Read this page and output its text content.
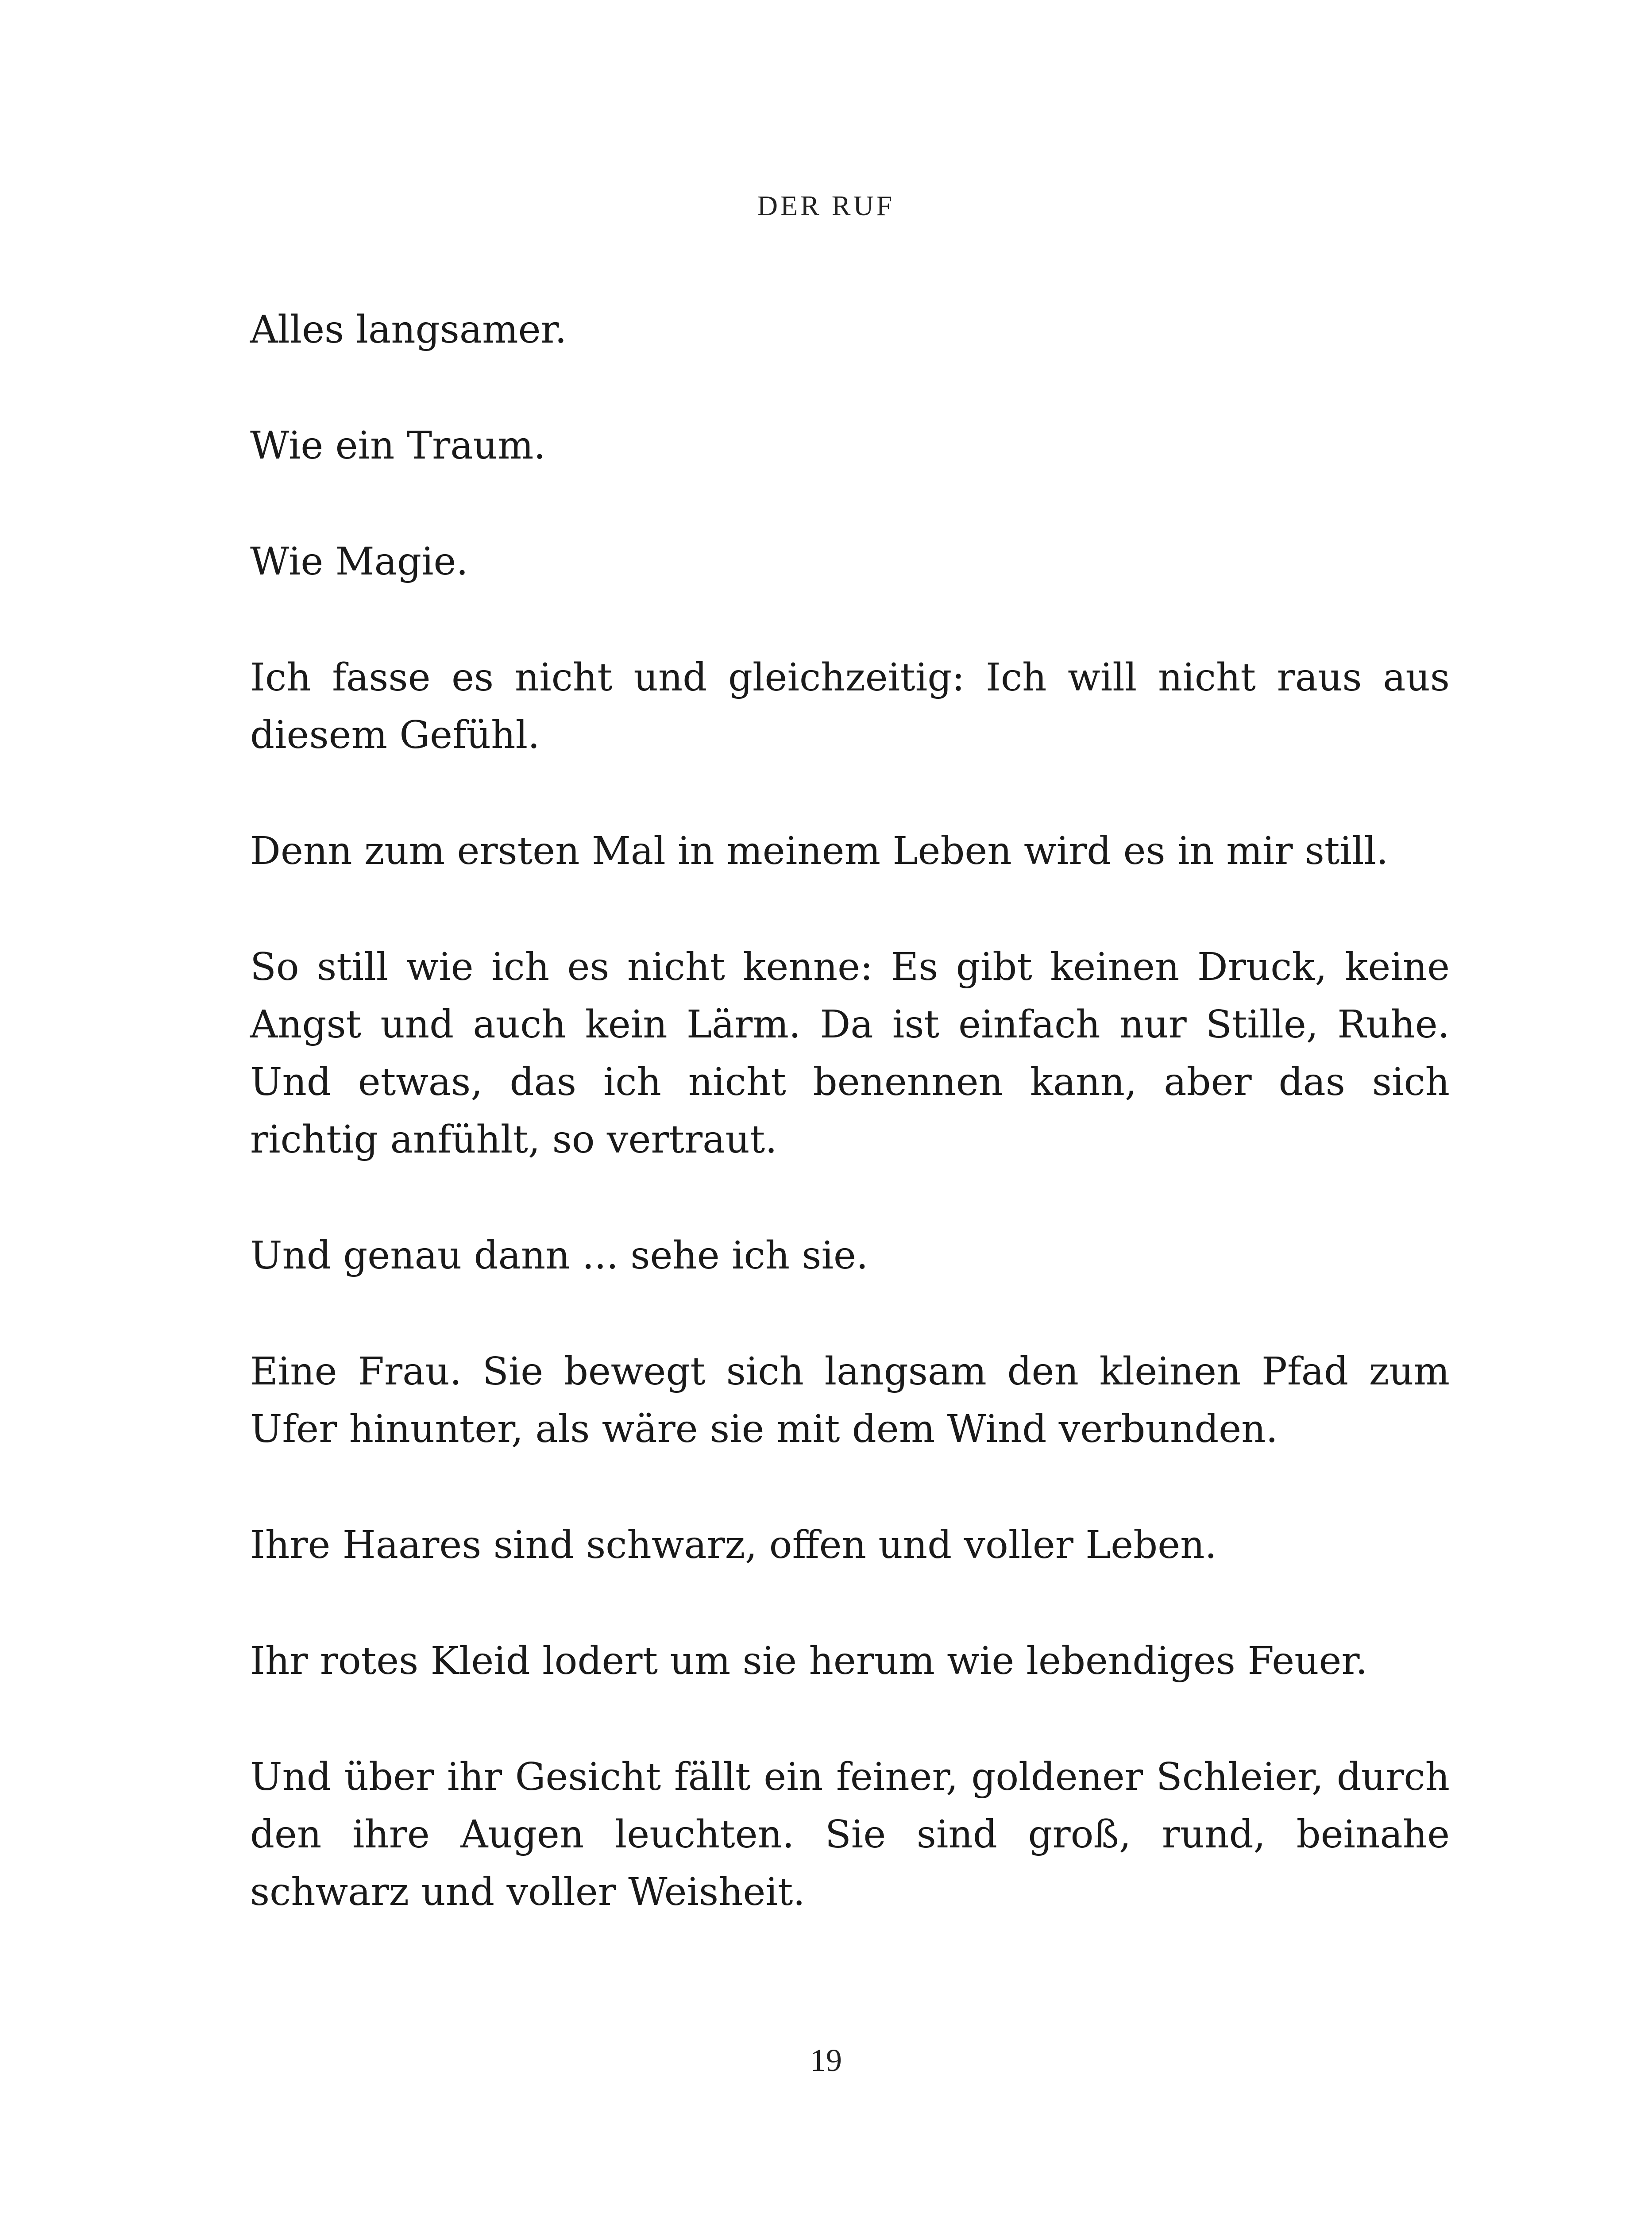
DER RUF

Alles langsamer.

Wie ein Traum.

Wie Magie.

Ich fasse es nicht und gleichzeitig: Ich will nicht raus aus diesem Gefühl.

Denn zum ersten Mal in meinem Leben wird es in mir still.

So still wie ich es nicht kenne: Es gibt keinen Druck, keine Angst und auch kein Lärm. Da ist einfach nur Stille, Ruhe. Und etwas, das ich nicht benennen kann, aber das sich richtig anfühlt, so vertraut.

Und genau dann ... sehe ich sie.

Eine Frau. Sie bewegt sich langsam den kleinen Pfad zum Ufer hinunter, als wäre sie mit dem Wind verbunden.

Ihre Haares sind schwarz, offen und voller Leben.

Ihr rotes Kleid lodert um sie herum wie lebendiges Feuer.

Und über ihr Gesicht fällt ein feiner, goldener Schleier, durch den ihre Augen leuchten. Sie sind groß, rund, beinahe schwarz und voller Weisheit.

19
